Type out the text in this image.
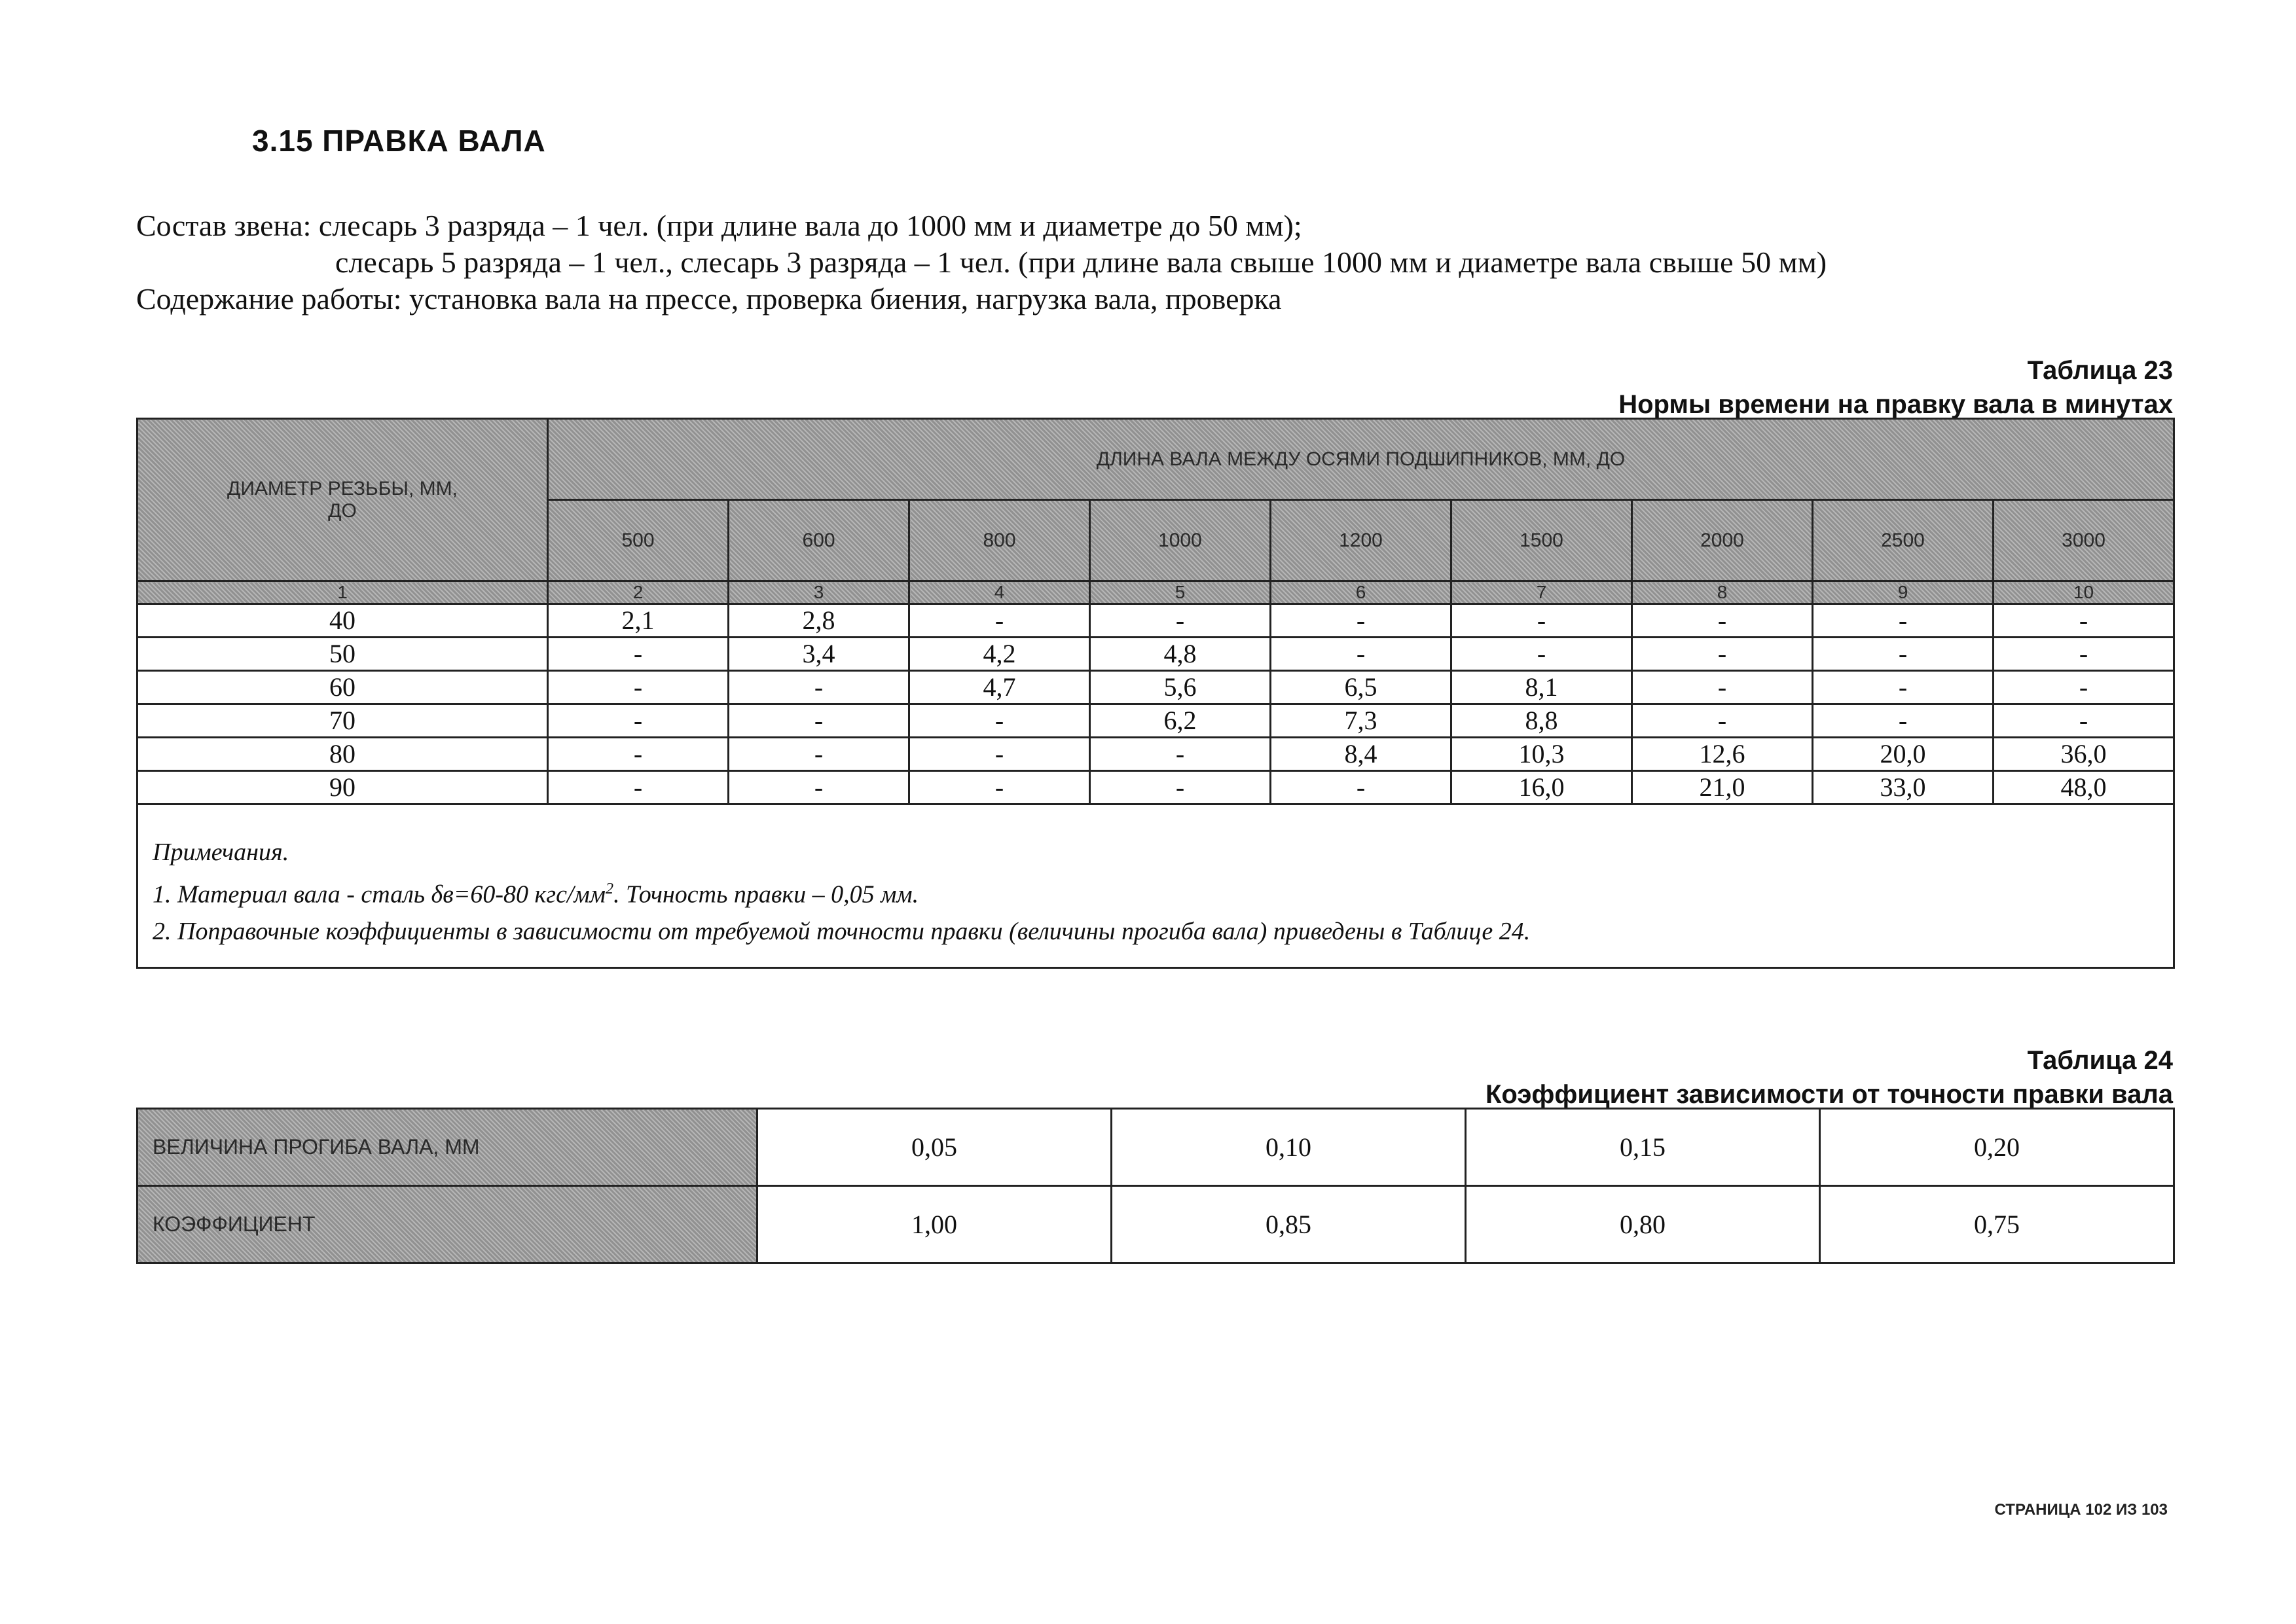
3.15 ПРАВКА ВАЛА
Состав звена: слесарь 3 разряда – 1 чел. (при длине вала до 1000 мм и диаметре до 50 мм);
слесарь 5 разряда – 1 чел., слесарь 3 разряда – 1 чел. (при длине вала свыше 1000 мм и диаметре вала свыше 50 мм)
Содержание работы: установка вала на прессе, проверка биения, нагрузка вала, проверка
Таблица 23
Нормы времени на правку вала в минутах
ДИАМЕТР РЕЗЬБЫ, ММ, ДО	ДЛИНА ВАЛА МЕЖДУ ОСЯМИ ПОДШИПНИКОВ, ММ, ДО								
	500	600	800	1000	1200	1500	2000	2500	3000
1	2	3	4	5	6	7	8	9	10
40	2,1	2,8	-	-	-	-	-	-	-
50	-	3,4	4,2	4,8	-	-	-	-	-
60	-	-	4,7	5,6	6,5	8,1	-	-	-
70	-	-	-	6,2	7,3	8,8	-	-	-
80	-	-	-	-	8,4	10,3	12,6	20,0	36,0
90	-	-	-	-	-	16,0	21,0	33,0	48,0

Примечания.
1. Материал вала - сталь δв=60-80 кгс/$мм^2$. Точность правки – 0,05 мм.
2. Поправочные коэффициенты в зависимости от требуемой точности правки (величины прогиба вала) приведены в Таблице 24.									
Таблица 24
Коэффициент зависимости от точности правки вала
ВЕЛИЧИНА ПРОГИБА ВАЛА, ММ	0,05	0,10	0,15	0,20
КОЭФФИЦИЕНТ	1,00	0,85	0,80	0,75
СТРАНИЦА 102 ИЗ 103
